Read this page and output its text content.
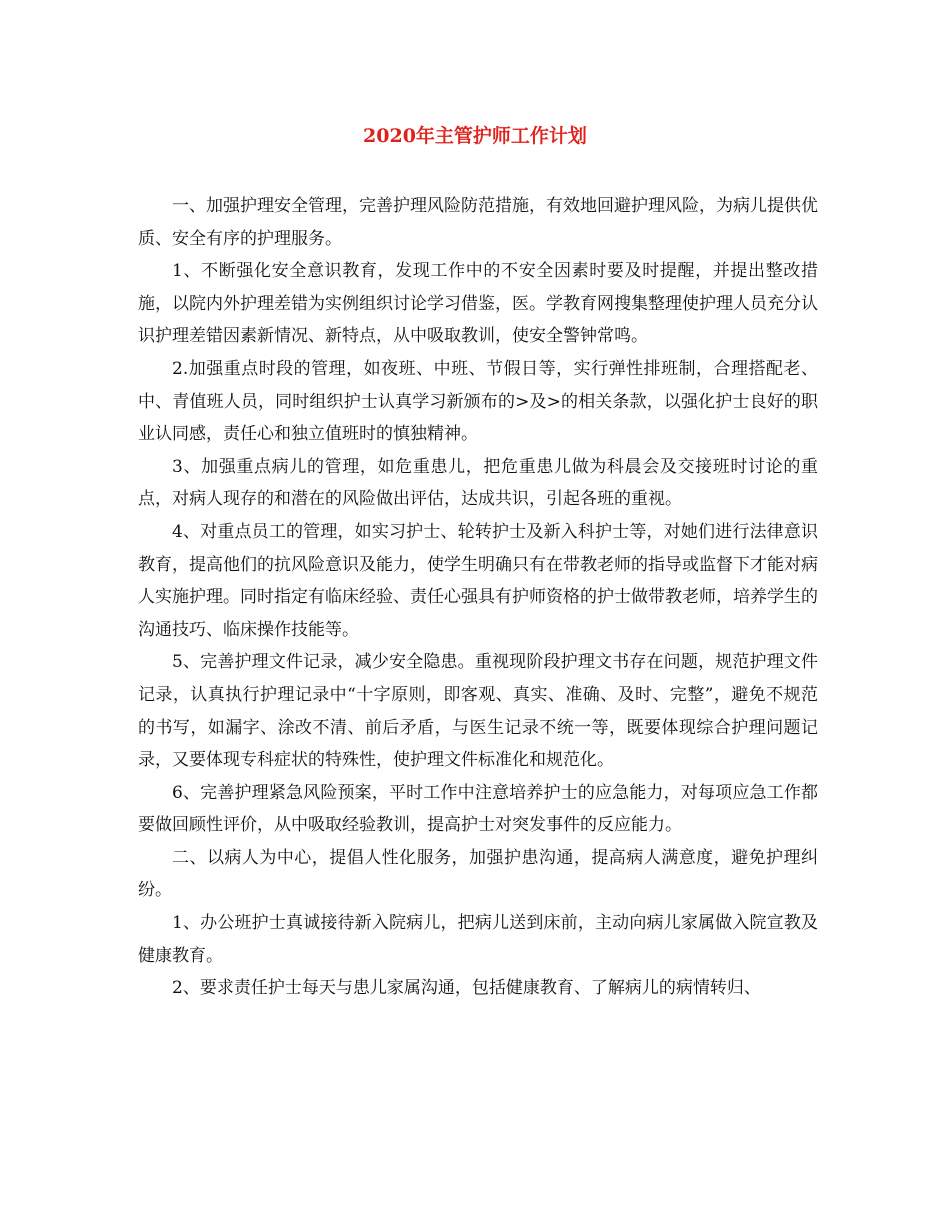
2020年主管护师工作计划

一、加强护理安全管理，完善护理风险防范措施，有效地回避护理风险，为病儿提供优质、安全有序的护理服务。

1、不断强化安全意识教育，发现工作中的不安全因素时要及时提醒，并提出整改措施，以院内外护理差错为实例组织讨论学习借鉴，医。学教育网搜集整理使护理人员充分认识护理差错因素新情况、新特点，从中吸取教训，使安全警钟常鸣。

2.加强重点时段的管理，如夜班、中班、节假日等，实行弹性排班制，合理搭配老、中、青值班人员，同时组织护士认真学习新颁布的>及>的相关条款，以强化护士良好的职业认同感，责任心和独立值班时的慎独精神。

3、加强重点病儿的管理，如危重患儿，把危重患儿做为科晨会及交接班时讨论的重点，对病人现存的和潜在的风险做出评估，达成共识，引起各班的重视。

4、对重点员工的管理，如实习护士、轮转护士及新入科护士等，对她们进行法律意识教育，提高他们的抗风险意识及能力，使学生明确只有在带教老师的指导或监督下才能对病人实施护理。同时指定有临床经验、责任心强具有护师资格的护士做带教老师，培养学生的沟通技巧、临床操作技能等。

5、完善护理文件记录，减少安全隐患。重视现阶段护理文书存在问题，规范护理文件记录，认真执行护理记录中“十字原则，即客观、真实、准确、及时、完整”，避免不规范的书写，如漏字、涂改不清、前后矛盾，与医生记录不统一等，既要体现综合护理问题记录，又要体现专科症状的特殊性，使护理文件标准化和规范化。

6、完善护理紧急风险预案，平时工作中注意培养护士的应急能力，对每项应急工作都要做回顾性评价，从中吸取经验教训，提高护士对突发事件的反应能力。

二、以病人为中心，提倡人性化服务，加强护患沟通，提高病人满意度，避免护理纠纷。

1、办公班护士真诚接待新入院病儿，把病儿送到床前，主动向病儿家属做入院宣教及健康教育。

2、要求责任护士每天与患儿家属沟通，包括健康教育、了解病儿的病情转归、
